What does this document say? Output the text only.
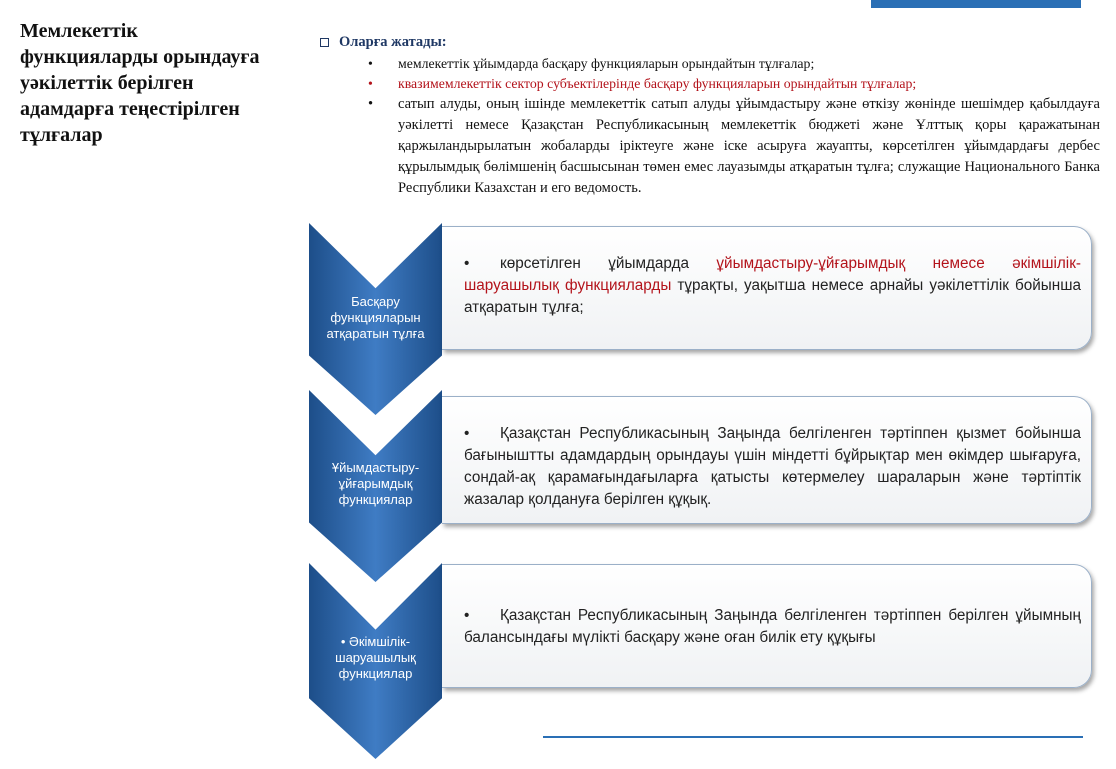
Мемлекеттік функцияларды орындауға уәкілеттік берілген адамдарға теңестірілген тұлғалар
Оларға жатады:
• мемлекеттік ұйымдарда басқару функцияларын орындайтын тұлғалар;
• квазимемлекеттік сектор субъектілерінде басқару функцияларын орындайтын тұлғалар;
• сатып алуды, оның ішінде мемлекеттік сатып алуды ұйымдастыру және өткізу жөнінде шешімдер қабылдауға уәкілетті немесе Қазақстан Республикасының мемлекеттік бюджеті және Ұлттық қоры қаражатынан қаржыландырылатын жобаларды іріктеуге және іске асыруға жауапты, көрсетілген ұйымдардағы дербес құрылымдық бөлімшенің басшысынан төмен емес лауазымды атқаратын тұлға; служащие Национального Банка Республики Казахстан и его ведомость.
Басқару функцияларын атқаратын тұлға
• көрсетілген ұйымдарда ұйымдастыру-ұйғарымдық немесе әкімшілік-шаруашылық функцияларды тұрақты, уақытша немесе арнайы уәкілеттілік бойынша атқаратын тұлға;
Ұйымдастыру-ұйғарымдық функциялар
• Қазақстан Республикасының Заңында белгіленген тәртіппен қызмет бойынша бағыныштты адамдардың орындауы үшін міндетті бұйрықтар мен өкімдер шығаруға, сондай-ақ қарамағындағыларға қатысты көтермелеу шараларын және тәртіптік жазалар қолдануға берілген құқық.
• Әкімшілік-шаруашылық функциялар
• Қазақстан Республикасының Заңында белгіленген тәртіппен берілген ұйымның балансындағы мүлікті басқару және оған билік ету құқығы
